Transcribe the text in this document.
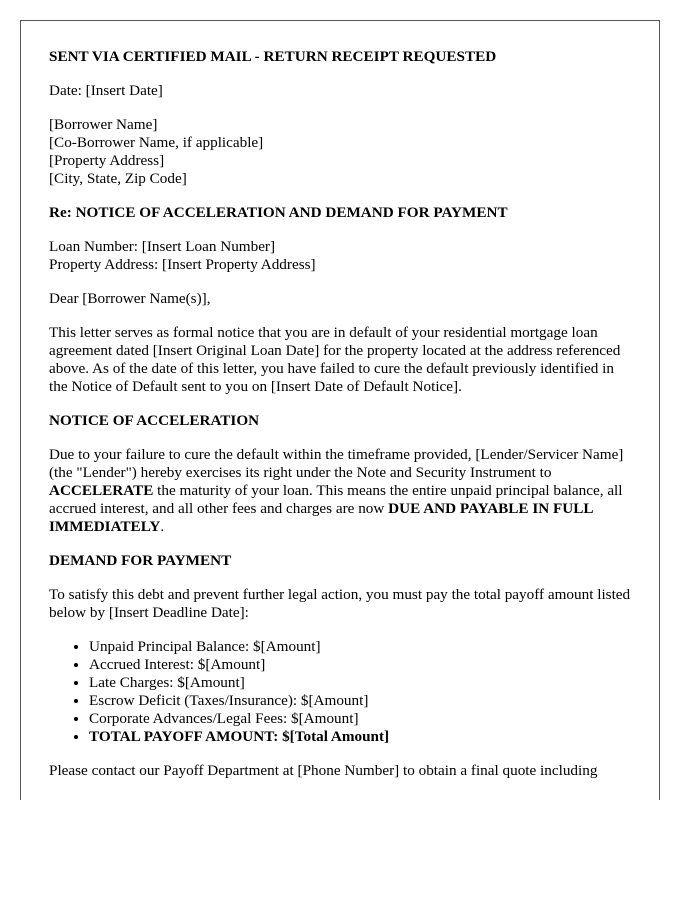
SENT VIA CERTIFIED MAIL - RETURN RECEIPT REQUESTED

Date: [Insert Date]

[Borrower Name]
[Co-Borrower Name, if applicable]
[Property Address]
[City, State, Zip Code]

Re: NOTICE OF ACCELERATION AND DEMAND FOR PAYMENT

Loan Number: [Insert Loan Number]
Property Address: [Insert Property Address]

Dear [Borrower Name(s)],

This letter serves as formal notice that you are in default of your residential mortgage loan agreement dated [Insert Original Loan Date] for the property located at the address referenced above. As of the date of this letter, you have failed to cure the default previously identified in the Notice of Default sent to you on [Insert Date of Default Notice].

NOTICE OF ACCELERATION

Due to your failure to cure the default within the timeframe provided, [Lender/Servicer Name] (the "Lender") hereby exercises its right under the Note and Security Instrument to ACCELERATE the maturity of your loan. This means the entire unpaid principal balance, all accrued interest, and all other fees and charges are now DUE AND PAYABLE IN FULL IMMEDIATELY.

DEMAND FOR PAYMENT

To satisfy this debt and prevent further legal action, you must pay the total payoff amount listed below by [Insert Deadline Date]:

• Unpaid Principal Balance: $[Amount]
• Accrued Interest: $[Amount]
• Late Charges: $[Amount]
• Escrow Deficit (Taxes/Insurance): $[Amount]
• Corporate Advances/Legal Fees: $[Amount]
• TOTAL PAYOFF AMOUNT: $[Total Amount]

Please contact our Payoff Department at [Phone Number] to obtain a final quote including
